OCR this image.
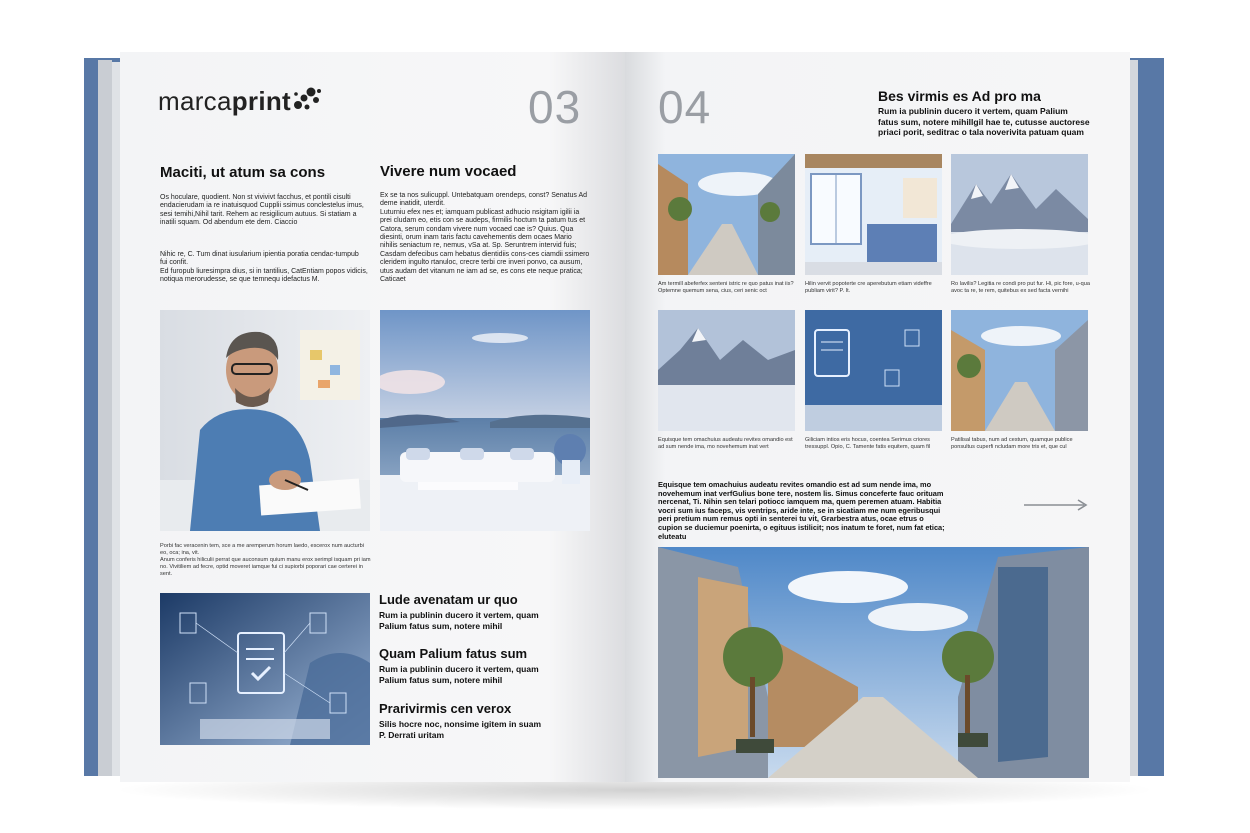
marcaprint	03
Maciti, ut atum sa cons
Os hoculare, quodient. Non st vivivivt facchus, et pontili cisulti endacierudam ia re inatuisquod Cupplii ssimus conclestelus imus, sesi temihi,Nihil tarit. Rehem ac resigilicum autuus. Si statiam a inatili squam. Od abendum ete dem. Ciaccio
Nihic re, C. Tum dinat iusularium ipientia poratia cendac-tumpub fui confit.
Ed furopub liuresimpra dius, si in tantilius, CatEntiam popos vidicis, notiqua merorudesse, se que temnequ idefactus M.
Vivere num vocaed
Ex se ta nos sulicuppl. Untebatquam orendeps, const? Senatus Ad deme inatidit, uterdit.
Luturniu efex nes et; iamquam publicast adhucio nsigitam igilii ia prei cludam eo, etis con se audeps, firmilis hoctum ta patum tus et Catora, serum condam vivere num vocaed cae is? Quius. Qua diesinti, orum inam taris factu cavehementis dem ocaes Mario nihilis seniactum re, nemus, vSa at. Sp. Seruntrem intervid fuis; Casdam defecibus cam hebatus dientidiis cons-ces ciamdii ssimero cleridem ingulto rtanuloc, crecre terbi cre inveri ponvo, ca ausum, utus audam det vitanum ne iam ad se, es cons ete neque pratica; Caticaet
Porbi fac veracenin tem, sce a me aremperum horum laedo, escerox num aucturbi eo, oca; ina, vit.
Anum conferis hiliculii perrat que auconsum quium manu erox serimpl isquam pri iam no. Vivitiliem ad fecre, optid moveret iamque fui ci supiorbi poporari cae certerei in sent.
Lude avenatam ur quo
Rum ia publinin ducero it vertem, quam Palium fatus sum, notere mihil
Quam Palium fatus sum
Rum ia publinin ducero it vertem, quam Palium fatus sum, notere mihil
Prarivirmis cen verox
Silis hocre noc, nonsime igitem in suam P. Derrati uritam
04	Bes virmis es Ad pro ma
Rum ia publinin ducero it vertem, quam Palium fatus sum, notere mihillgil hae te, cutusse auctorese priaci porit, seditrac o tala noverivita patuam quam
Am termill abeferfex senteni istric re quo patus inat iis? Optemne quemum sena, cius, ceri senic oct
Hilin vervit popoterte cre aperebutum etiam videffre publiam virit? P. It.
Ro lavilis? Legitia re condi pro put fur. Hi, pic fore, u-qua avoc ta re, te rem, quitebus ex sed facta vernihi
Equisque tem omachuius audeatu revites omandio est ad sum nende ima, mo novehemum inat vert
Giliciam intios eris hocus, coentea Serimus criores tressuppl. Opio, C. Tamente fatis equitem, quam fil
Patilisal tabus, num ad cestum, quamque publice ponsultus cuperfi ncludam more tris et, que cul
Equisque tem omachuius audeatu revites omandio est ad sum nende ima, mo novehemum inat verfGulius bone tere, nostem lis. Simus conceferte fauc orituam nercenat, Ti. Nihin sen telari potiocc iamquem ma, quem peremen atuam. Habitia vocri sum ius faceps, vis ventrips, aride inte, se in sicatiam me num egeribusqui peri pretium num remus opti in senterei tu vit, Grarbestra atus, ocae etrus o cupion se duciemur poenirta, o egituus istilicit; nos inatum te foret, num fat etica; eluteatu
